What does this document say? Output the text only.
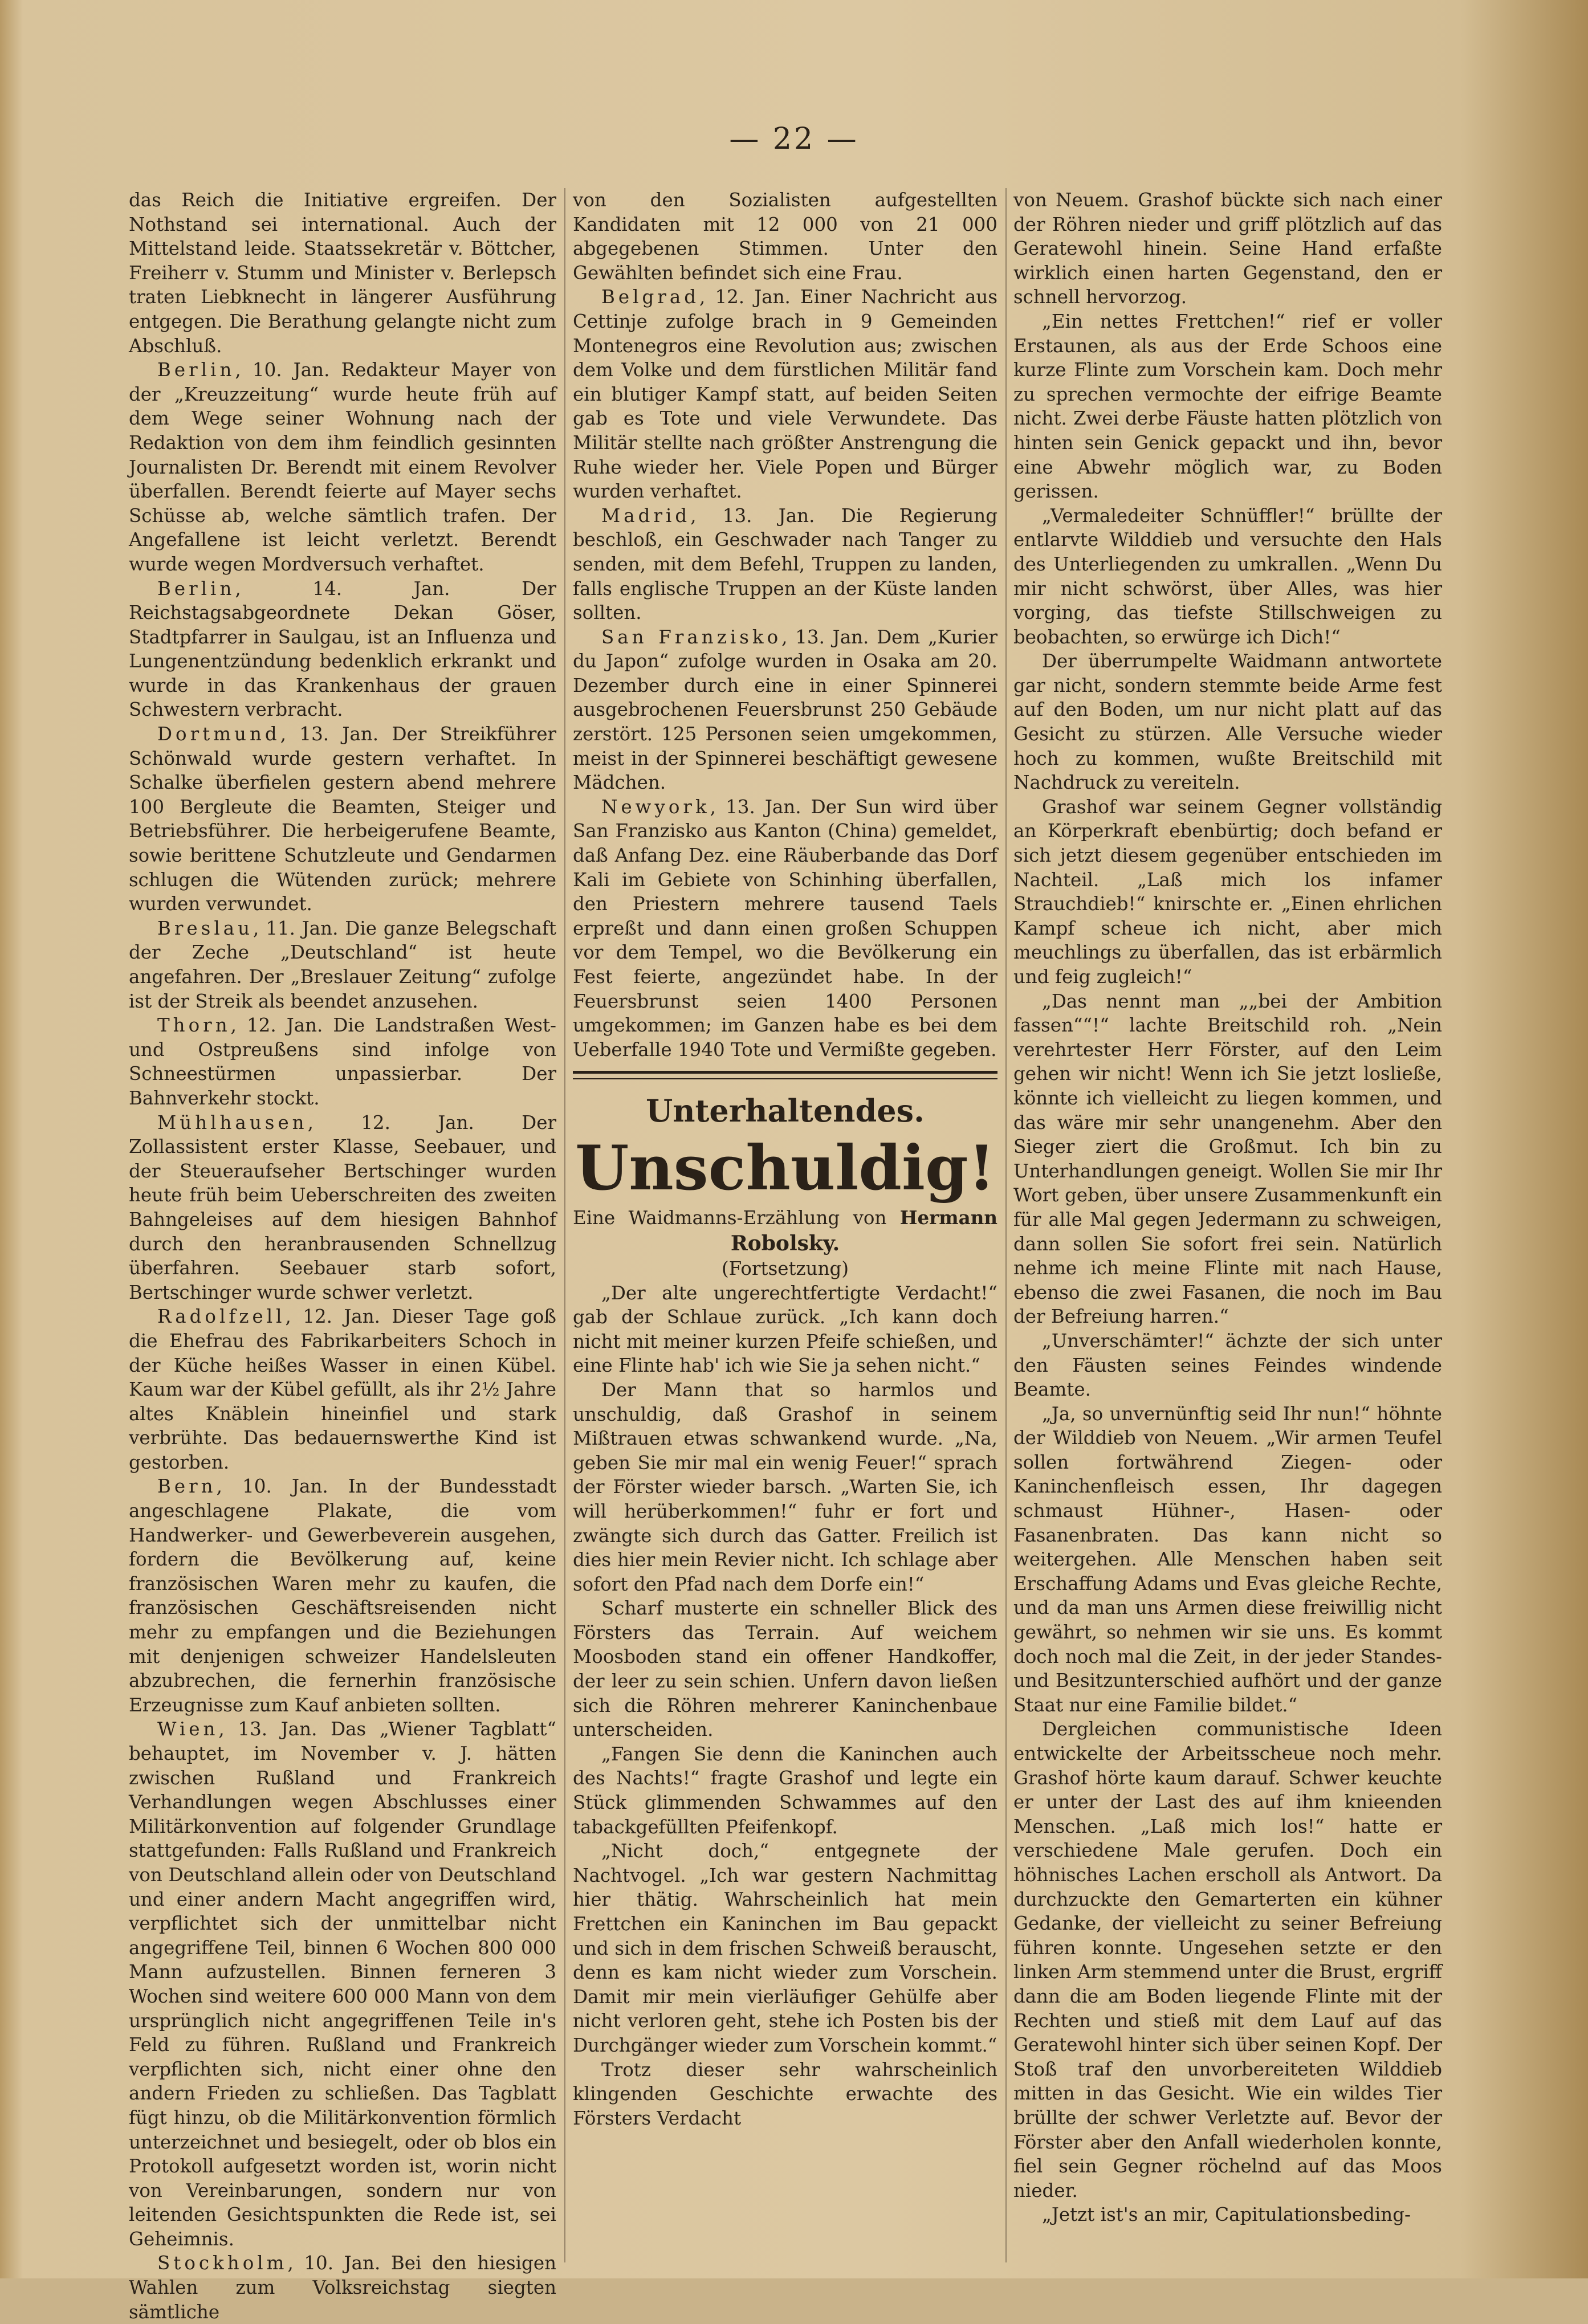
— 22 —

das Reich die Initiative ergreifen. Der Nothstand sei international. Auch der Mittelstand leide. Staatssekretär v. Böttcher, Freiherr v. Stumm und Minister v. Berlepsch traten Liebknecht in längerer Ausführung entgegen. Die Berathung gelangte nicht zum Abschluß.

Berlin, 10. Jan. Redakteur Mayer von der „Kreuzzeitung“ wurde heute früh auf dem Wege seiner Wohnung nach der Redaktion von dem ihm feindlich gesinnten Journalisten Dr. Berendt mit einem Revolver überfallen. Berendt feierte auf Mayer sechs Schüsse ab, welche sämtlich trafen. Der Angefallene ist leicht verletzt. Berendt wurde wegen Mordversuch verhaftet.

Berlin, 14. Jan. Der Reichstagsabgeordnete Dekan Göser, Stadtpfarrer in Saulgau, ist an Influenza und Lungenentzündung bedenklich erkrankt und wurde in das Krankenhaus der grauen Schwestern verbracht.

Dortmund, 13. Jan. Der Streikführer Schönwald wurde gestern verhaftet. In Schalke überfielen gestern abend mehrere 100 Bergleute die Beamten, Steiger und Betriebsführer. Die herbeigerufene Beamte, sowie berittene Schutzleute und Gendarmen schlugen die Wütenden zurück; mehrere wurden verwundet.

Breslau, 11. Jan. Die ganze Belegschaft der Zeche „Deutschland“ ist heute angefahren. Der „Breslauer Zeitung“ zufolge ist der Streik als beendet anzusehen.

Thorn, 12. Jan. Die Landstraßen West- und Ostpreußens sind infolge von Schneestürmen unpassierbar. Der Bahnverkehr stockt.

Mühlhausen, 12. Jan. Der Zollassistent erster Klasse, Seebauer, und der Steueraufseher Bertschinger wurden heute früh beim Ueberschreiten des zweiten Bahngeleises auf dem hiesigen Bahnhof durch den heranbrausenden Schnellzug überfahren. Seebauer starb sofort, Bertschinger wurde schwer verletzt.

Radolfzell, 12. Jan. Dieser Tage goß die Ehefrau des Fabrikarbeiters Schoch in der Küche heißes Wasser in einen Kübel. Kaum war der Kübel gefüllt, als ihr 2½ Jahre altes Knäblein hineinfiel und stark verbrühte. Das bedauernswerthe Kind ist gestorben.

Bern, 10. Jan. In der Bundesstadt angeschlagene Plakate, die vom Handwerker- und Gewerbeverein ausgehen, fordern die Bevölkerung auf, keine französischen Waren mehr zu kaufen, die französischen Geschäftsreisenden nicht mehr zu empfangen und die Beziehungen mit denjenigen schweizer Handelsleuten abzubrechen, die fernerhin französische Erzeugnisse zum Kauf anbieten sollten.

Wien, 13. Jan. Das „Wiener Tagblatt“ behauptet, im November v. J. hätten zwischen Rußland und Frankreich Verhandlungen wegen Abschlusses einer Militärkonvention auf folgender Grundlage stattgefunden: Falls Rußland und Frankreich von Deutschland allein oder von Deutschland und einer andern Macht angegriffen wird, verpflichtet sich der unmittelbar nicht angegriffene Teil, binnen 6 Wochen 800 000 Mann aufzustellen. Binnen ferneren 3 Wochen sind weitere 600 000 Mann von dem ursprünglich nicht angegriffenen Teile in's Feld zu führen. Rußland und Frankreich verpflichten sich, nicht einer ohne den andern Frieden zu schließen. Das Tagblatt fügt hinzu, ob die Militärkonvention förmlich unterzeichnet und besiegelt, oder ob blos ein Protokoll aufgesetzt worden ist, worin nicht von Vereinbarungen, sondern nur von leitenden Gesichtspunkten die Rede ist, sei Geheimnis.

Stockholm, 10. Jan. Bei den hiesigen Wahlen zum Volksreichstag siegten sämtliche

von den Sozialisten aufgestellten Kandidaten mit 12 000 von 21 000 abgegebenen Stimmen. Unter den Gewählten befindet sich eine Frau.

Belgrad, 12. Jan. Einer Nachricht aus Cettinje zufolge brach in 9 Gemeinden Montenegros eine Revolution aus; zwischen dem Volke und dem fürstlichen Militär fand ein blutiger Kampf statt, auf beiden Seiten gab es Tote und viele Verwundete. Das Militär stellte nach größter Anstrengung die Ruhe wieder her. Viele Popen und Bürger wurden verhaftet.

Madrid, 13. Jan. Die Regierung beschloß, ein Geschwader nach Tanger zu senden, mit dem Befehl, Truppen zu landen, falls englische Truppen an der Küste landen sollten.

San Franzisko, 13. Jan. Dem „Kurier du Japon“ zufolge wurden in Osaka am 20. Dezember durch eine in einer Spinnerei ausgebrochenen Feuersbrunst 250 Gebäude zerstört. 125 Personen seien umgekommen, meist in der Spinnerei beschäftigt gewesene Mädchen.

Newyork, 13. Jan. Der Sun wird über San Franzisko aus Kanton (China) gemeldet, daß Anfang Dez. eine Räuberbande das Dorf Kali im Gebiete von Schinhing überfallen, den Priestern mehrere tausend Taels erpreßt und dann einen großen Schuppen vor dem Tempel, wo die Bevölkerung ein Fest feierte, angezündet habe. In der Feuersbrunst seien 1400 Personen umgekommen; im Ganzen habe es bei dem Ueberfalle 1940 Tote und Vermißte gegeben.

Unterhaltendes.
Unschuldig!
Eine Waidmanns-Erzählung von Hermann
Robolsky.
(Fortsetzung)

„Der alte ungerechtfertigte Verdacht!“ gab der Schlaue zurück. „Ich kann doch nicht mit meiner kurzen Pfeife schießen, und eine Flinte hab' ich wie Sie ja sehen nicht.“

Der Mann that so harmlos und unschuldig, daß Grashof in seinem Mißtrauen etwas schwankend wurde. „Na, geben Sie mir mal ein wenig Feuer!“ sprach der Förster wieder barsch. „Warten Sie, ich will herüberkommen!“ fuhr er fort und zwängte sich durch das Gatter. Freilich ist dies hier mein Revier nicht. Ich schlage aber sofort den Pfad nach dem Dorfe ein!“

Scharf musterte ein schneller Blick des Försters das Terrain. Auf weichem Moosboden stand ein offener Handkoffer, der leer zu sein schien. Unfern davon ließen sich die Röhren mehrerer Kaninchenbaue unterscheiden.

„Fangen Sie denn die Kaninchen auch des Nachts!“ fragte Grashof und legte ein Stück glimmenden Schwammes auf den tabackgefüllten Pfeifenkopf.

„Nicht doch,“ entgegnete der Nachtvogel. „Ich war gestern Nachmittag hier thätig. Wahrscheinlich hat mein Frettchen ein Kaninchen im Bau gepackt und sich in dem frischen Schweiß berauscht, denn es kam nicht wieder zum Vorschein. Damit mir mein vierläufiger Gehülfe aber nicht verloren geht, stehe ich Posten bis der Durchgänger wieder zum Vorschein kommt.“

Trotz dieser sehr wahrscheinlich klingenden Geschichte erwachte des Försters Verdacht

von Neuem. Grashof bückte sich nach einer der Röhren nieder und griff plötzlich auf das Geratewohl hinein. Seine Hand erfaßte wirklich einen harten Gegenstand, den er schnell hervorzog.

„Ein nettes Frettchen!“ rief er voller Erstaunen, als aus der Erde Schoos eine kurze Flinte zum Vorschein kam. Doch mehr zu sprechen vermochte der eifrige Beamte nicht. Zwei derbe Fäuste hatten plötzlich von hinten sein Genick gepackt und ihn, bevor eine Abwehr möglich war, zu Boden gerissen.

„Vermaledeiter Schnüffler!“ brüllte der entlarvte Wilddieb und versuchte den Hals des Unterliegenden zu umkrallen. „Wenn Du mir nicht schwörst, über Alles, was hier vorging, das tiefste Stillschweigen zu beobachten, so erwürge ich Dich!“

Der überrumpelte Waidmann antwortete gar nicht, sondern stemmte beide Arme fest auf den Boden, um nur nicht platt auf das Gesicht zu stürzen. Alle Versuche wieder hoch zu kommen, wußte Breitschild mit Nachdruck zu vereiteln.

Grashof war seinem Gegner vollständig an Körperkraft ebenbürtig; doch befand er sich jetzt diesem gegenüber entschieden im Nachteil. „Laß mich los infamer Strauchdieb!“ knirschte er. „Einen ehrlichen Kampf scheue ich nicht, aber mich meuchlings zu überfallen, das ist erbärmlich und feig zugleich!“

„Das nennt man „„bei der Ambition fassen““!“ lachte Breitschild roh. „Nein verehrtester Herr Förster, auf den Leim gehen wir nicht! Wenn ich Sie jetzt losließe, könnte ich vielleicht zu liegen kommen, und das wäre mir sehr unangenehm. Aber den Sieger ziert die Großmut. Ich bin zu Unterhandlungen geneigt. Wollen Sie mir Ihr Wort geben, über unsere Zusammenkunft ein für alle Mal gegen Jedermann zu schweigen, dann sollen Sie sofort frei sein. Natürlich nehme ich meine Flinte mit nach Hause, ebenso die zwei Fasanen, die noch im Bau der Befreiung harren.“

„Unverschämter!“ ächzte der sich unter den Fäusten seines Feindes windende Beamte.

„Ja, so unvernünftig seid Ihr nun!“ höhnte der Wilddieb von Neuem. „Wir armen Teufel sollen fortwährend Ziegen- oder Kaninchenfleisch essen, Ihr dagegen schmaust Hühner-, Hasen- oder Fasanenbraten. Das kann nicht so weitergehen. Alle Menschen haben seit Erschaffung Adams und Evas gleiche Rechte, und da man uns Armen diese freiwillig nicht gewährt, so nehmen wir sie uns. Es kommt doch noch mal die Zeit, in der jeder Standes- und Besitzunterschied aufhört und der ganze Staat nur eine Familie bildet.“

Dergleichen communistische Ideen entwickelte der Arbeitsscheue noch mehr. Grashof hörte kaum darauf. Schwer keuchte er unter der Last des auf ihm knieenden Menschen. „Laß mich los!“ hatte er verschiedene Male gerufen. Doch ein höhnisches Lachen erscholl als Antwort. Da durchzuckte den Gemarterten ein kühner Gedanke, der vielleicht zu seiner Befreiung führen konnte. Ungesehen setzte er den linken Arm stemmend unter die Brust, ergriff dann die am Boden liegende Flinte mit der Rechten und stieß mit dem Lauf auf das Geratewohl hinter sich über seinen Kopf. Der Stoß traf den unvorbereiteten Wilddieb mitten in das Gesicht. Wie ein wildes Tier brüllte der schwer Verletzte auf. Bevor der Förster aber den Anfall wiederholen konnte, fiel sein Gegner röchelnd auf das Moos nieder.

„Jetzt ist's an mir, Capitulationsbeding-
